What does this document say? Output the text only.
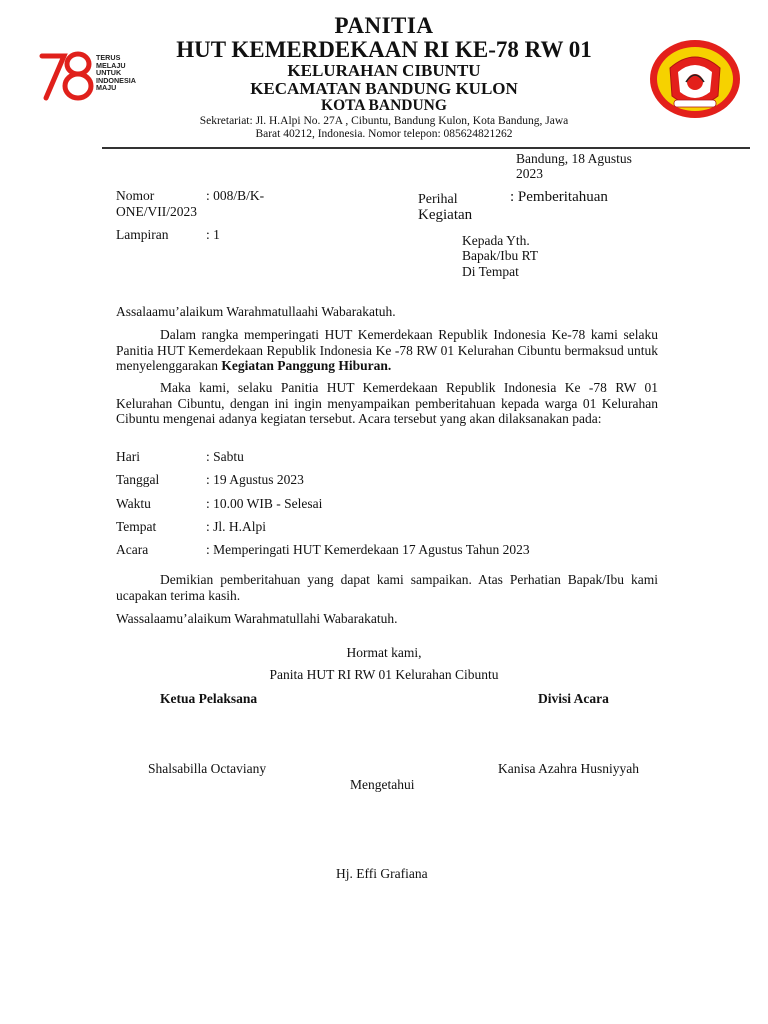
78
TERUS
MELAJU
UNTUK
INDONESIA
MAJU
PANITIA
HUT KEMERDEKAAN RI KE-78 RW 01
KELURAHAN CIBUNTU
KECAMATAN BANDUNG KULON
KOTA BANDUNG
Sekretariat: Jl. H.Alpi No. 27A , Cibuntu, Bandung Kulon, Kota Bandung, Jawa
Barat 40212, Indonesia. Nomor telepon: 085624821262
Bandung, 18 Agustus
2023
Nomor	: 008/B/K-
ONE/VII/2023
Perihal	: Pemberitahuan
Kegiatan
Lampiran	: 1	Kepada Yth.
Bapak/Ibu RT
Di Tempat
Assalaamu’alaikum Warahmatullaahi Wabarakatuh.
Dalam rangka memperingati HUT Kemerdekaan Republik Indonesia Ke-78 kami selaku Panitia HUT Kemerdekaan Republik Indonesia Ke -78 RW 01 Kelurahan Cibuntu bermaksud untuk menyelenggarakan Kegiatan Panggung Hiburan.
Maka kami, selaku Panitia HUT Kemerdekaan Republik Indonesia Ke -78 RW 01 Kelurahan Cibuntu, dengan ini ingin menyampaikan pemberitahuan kepada warga 01 Kelurahan Cibuntu mengenai adanya kegiatan tersebut. Acara tersebut yang akan dilaksanakan pada:
Hari	: Sabtu
Tanggal	: 19 Agustus 2023
Waktu	: 10.00 WIB - Selesai
Tempat	: Jl. H.Alpi
Acara	: Memperingati HUT Kemerdekaan 17 Agustus Tahun 2023
Demikian pemberitahuan yang dapat kami sampaikan. Atas Perhatian Bapak/Ibu kami ucapakan terima kasih.
Wassalaamu’alaikum Warahmatullahi Wabarakatuh.
Hormat kami,
Panita HUT RI RW 01 Kelurahan Cibuntu
Ketua Pelaksana	Divisi Acara
Shalsabilla Octaviany	Kanisa Azahra Husniyyah
Mengetahui
Hj. Effi Grafiana
